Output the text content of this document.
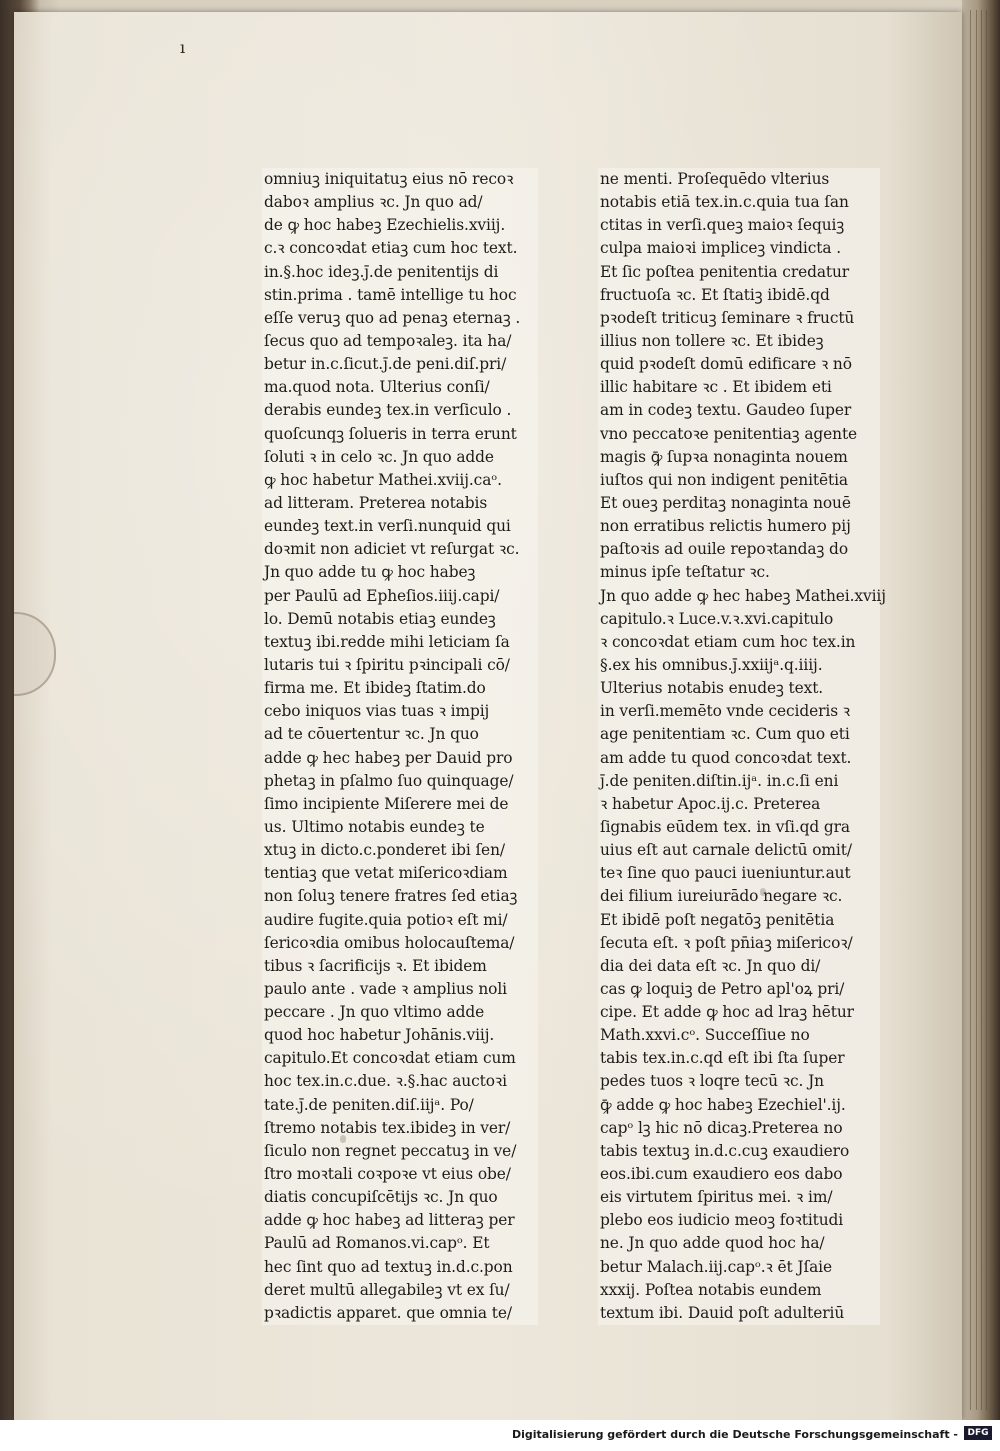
ı
omniuꝫ iniquitatuꝫ eius nō recoꝛ
daboꝛ amplius ꝛc. Jn quo ad/
de ꝙ hoc habeꝫ Ezechielis.xviij.
c.ꝛ concoꝛdat etiaꝫ cum hoc text.
in.§.hoc ideꝫ.ȷ̄.de penitentijs di
stin.prima . tamē intellige tu hoc
eſſe veruꝫ quo ad penaꝫ eternaꝫ .
ſecus quo ad tempoꝛaleꝫ. ita ha/
betur in.c.ſicut.ȷ̄.de peni.diſ.pri/
ma.quod nota. Ulterius conſi/
derabis eundeꝫ tex.in verſiculo .
quoſcunqꝫ ſolueris in terra erunt
ſoluti ꝛ in celo ꝛc. Jn quo adde
ꝙ hoc habetur Mathei.xviij.caᵒ.
ad litteram. Preterea notabis
eundeꝫ text.in verſi.nunquid qui
doꝛmit non adiciet vt reſurgat ꝛc.
Jn quo adde tu ꝙ hoc habeꝫ
per Paulū ad Epheſios.iiij.capi/
lo. Demū notabis etiaꝫ eundeꝫ
textuꝫ ibi.redde mihi leticiam ſa
lutaris tui ꝛ ſpiritu pꝛincipali cō/
firma me. Et ibideꝫ ſtatim.do
cebo iniquos vias tuas ꝛ impij
ad te cōuertentur ꝛc. Jn quo
adde ꝙ hec habeꝫ per Dauid pro
phetaꝫ in pſalmo ſuo quinquage/
ſimo incipiente Miſerere mei de
us. Ultimo notabis eundeꝫ te
xtuꝫ in dicto.c.ponderet ibi ſen/
tentiaꝫ que vetat miſericoꝛdiam
non ſoluꝫ tenere fratres ſed etiaꝫ
audire fugite.quia potioꝛ eſt mi/
ſericoꝛdia omibus holocauſtema/
tibus ꝛ ſacrificijs ꝛ. Et ibidem
paulo ante . vade ꝛ amplius noli
peccare . Jn quo vltimo adde
quod hoc habetur Johānis.viij.
capitulo.Et concoꝛdat etiam cum
hoc tex.in.c.due. ꝛ.§.hac auctoꝛi
tate.ȷ̄.de peniten.diſ.iijᵃ. Po/
ſtremo notabis tex.ibideꝫ in ver/
ſiculo non regnet peccatuꝫ in ve/
ſtro moꝛtali coꝛpoꝛe vt eius obe/
diatis concupiſcētijs ꝛc. Jn quo
adde ꝙ hoc habeꝫ ad litteraꝫ per
Paulū ad Romanos.vi.capᵒ. Et
hec ſint quo ad textuꝫ in.d.c.pon
deret multū allegabileꝫ vt ex ſu/
pꝛadictis apparet. que omnia te/
ne menti. Proſequēdo vlterius
notabis etiā tex.in.c.quia tua ſan
ctitas in verſi.queꝫ maioꝛ ſequiꝫ
culpa maioꝛi impliceꝫ vindicta .
Et ſic poſtea penitentia credatur
fructuoſa ꝛc. Et ſtatiꝫ ibidē.qd
pꝛodeſt triticuꝫ ſeminare ꝛ fructū
illius non tollere ꝛc. Et ibideꝫ
quid pꝛodeſt domū edificare ꝛ nō
illic habitare ꝛc . Et ibidem eti
am in codeꝫ textu. Gaudeo ſuper
vno peccatoꝛe penitentiaꝫ agente
magis ꝙ̄ ſupꝛa nonaginta nouem
iuſtos qui non indigent penitētia
Et oueꝫ perditaꝫ nonaginta nouē
non erratibus relictis humero pij
paſtoꝛis ad ouile repoꝛtandaꝫ do
minus ipſe teſtatur ꝛc.
Jn quo adde ꝙ hec habeꝫ Mathei.xviij
capitulo.ꝛ Luce.v.ꝛ.xvi.capitulo
ꝛ concoꝛdat etiam cum hoc tex.in
§.ex his omnibus.ȷ̄.xxiijᵃ.q.iiij.
Ulterius notabis enudeꝫ text.
in verſi.memēto vnde cecideris ꝛ
age penitentiam ꝛc. Cum quo eti
am adde tu quod concoꝛdat text.
ȷ̄.de peniten.diſtin.ijᵃ. in.c.ſi eni
ꝛ habetur Apoc.ij.c. Preterea
ſignabis eūdem tex. in vſi.qd gra
uius eſt aut carnale delictū omit/
teꝛ ſine quo pauci iueniuntur.aut
dei filium iureiurādo negare ꝛc.
Et ibidē poſt negatōꝫ penitētia
ſecuta eſt. ꝛ poſt pn̄iaꝫ miſericoꝛ/
dia dei data eſt ꝛc. Jn quo di/
cas ꝙ loquiꝫ de Petro apl'oꝝ pri/
cipe. Et adde ꝙ hoc ad lraꝫ hētur
Math.xxvi.cᵒ. Succeſſiue no
tabis tex.in.c.qd eſt ibi ſta ſuper
pedes tuos ꝛ loqre tecū ꝛc. Jn
ꝙ̄ adde ꝙ hoc habeꝫ Ezechiel'.ij.
capᵒ lꝫ hic nō dicaꝫ.Preterea no
tabis textuꝫ in.d.c.cuꝫ exaudiero
eos.ibi.cum exaudiero eos dabo
eis virtutem ſpiritus mei. ꝛ im/
plebo eos iudicio meoꝫ foꝛtitudi
ne. Jn quo adde quod hoc ha/
betur Malach.iij.capᵒ.ꝛ ēt Jſaie
xxxij. Poſtea notabis eundem
textum ibi. Dauid poſt adulteriū
Digitalisierung gefördert durch die Deutsche Forschungsgemeinschaft -	DFG
